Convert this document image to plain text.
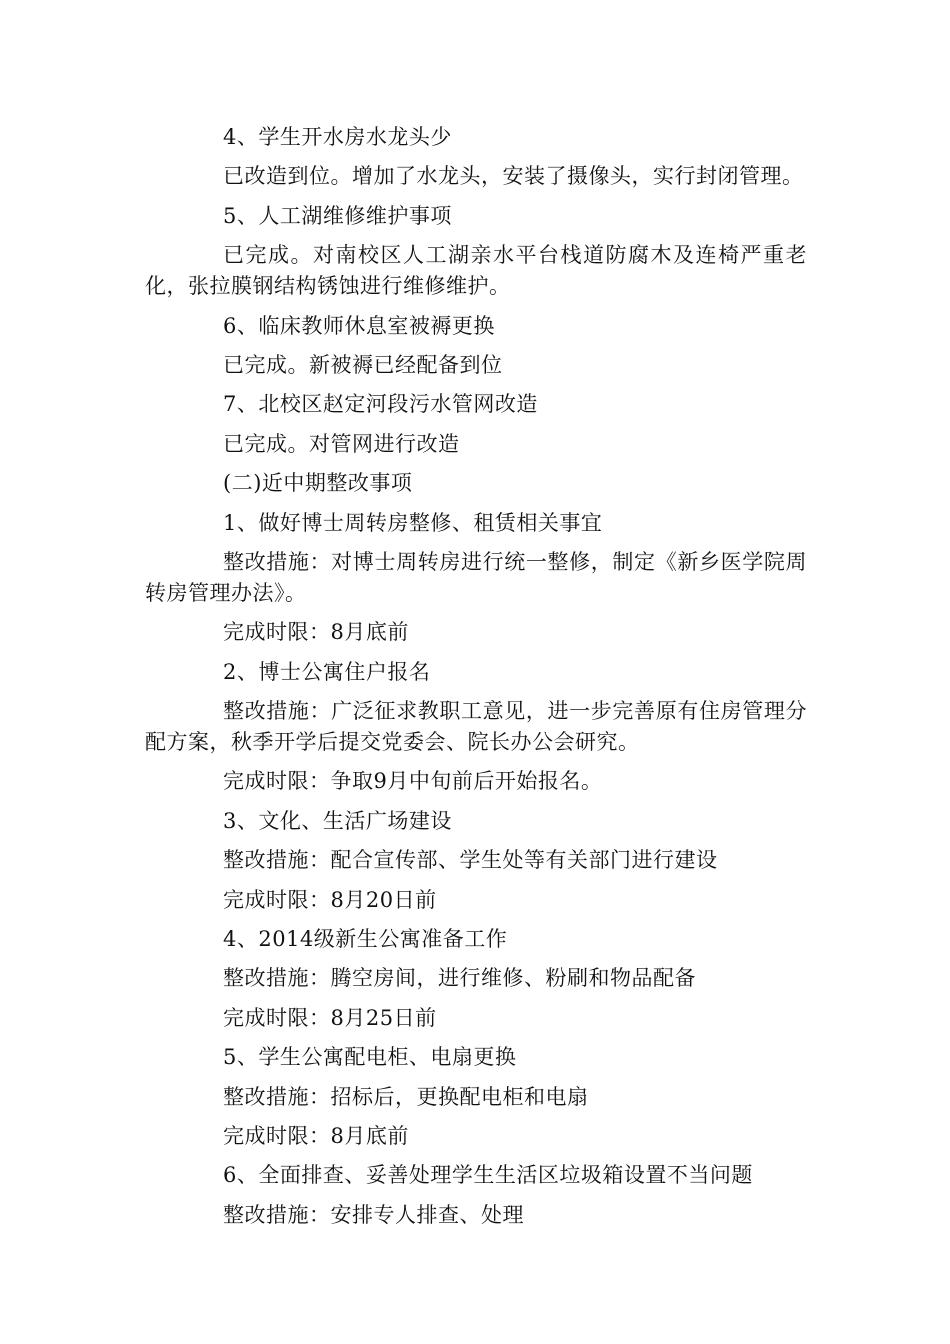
4、学生开水房水龙头少

已改造到位。增加了水龙头，安装了摄像头，实行封闭管理。

5、人工湖维修维护事项

已完成。对南校区人工湖亲水平台栈道防腐木及连椅严重老化，张拉膜钢结构锈蚀进行维修维护。

6、临床教师休息室被褥更换

已完成。新被褥已经配备到位

7、北校区赵定河段污水管网改造

已完成。对管网进行改造

(二)近中期整改事项

1、做好博士周转房整修、租赁相关事宜

整改措施：对博士周转房进行统一整修，制定《新乡医学院周转房管理办法》。

完成时限：8月底前

2、博士公寓住户报名

整改措施：广泛征求教职工意见，进一步完善原有住房管理分配方案，秋季开学后提交党委会、院长办公会研究。

完成时限：争取9月中旬前后开始报名。

3、文化、生活广场建设

整改措施：配合宣传部、学生处等有关部门进行建设

完成时限：8月20日前

4、2014级新生公寓准备工作

整改措施：腾空房间，进行维修、粉刷和物品配备

完成时限：8月25日前

5、学生公寓配电柜、电扇更换

整改措施：招标后，更换配电柜和电扇

完成时限：8月底前

6、全面排查、妥善处理学生生活区垃圾箱设置不当问题

整改措施：安排专人排查、处理
